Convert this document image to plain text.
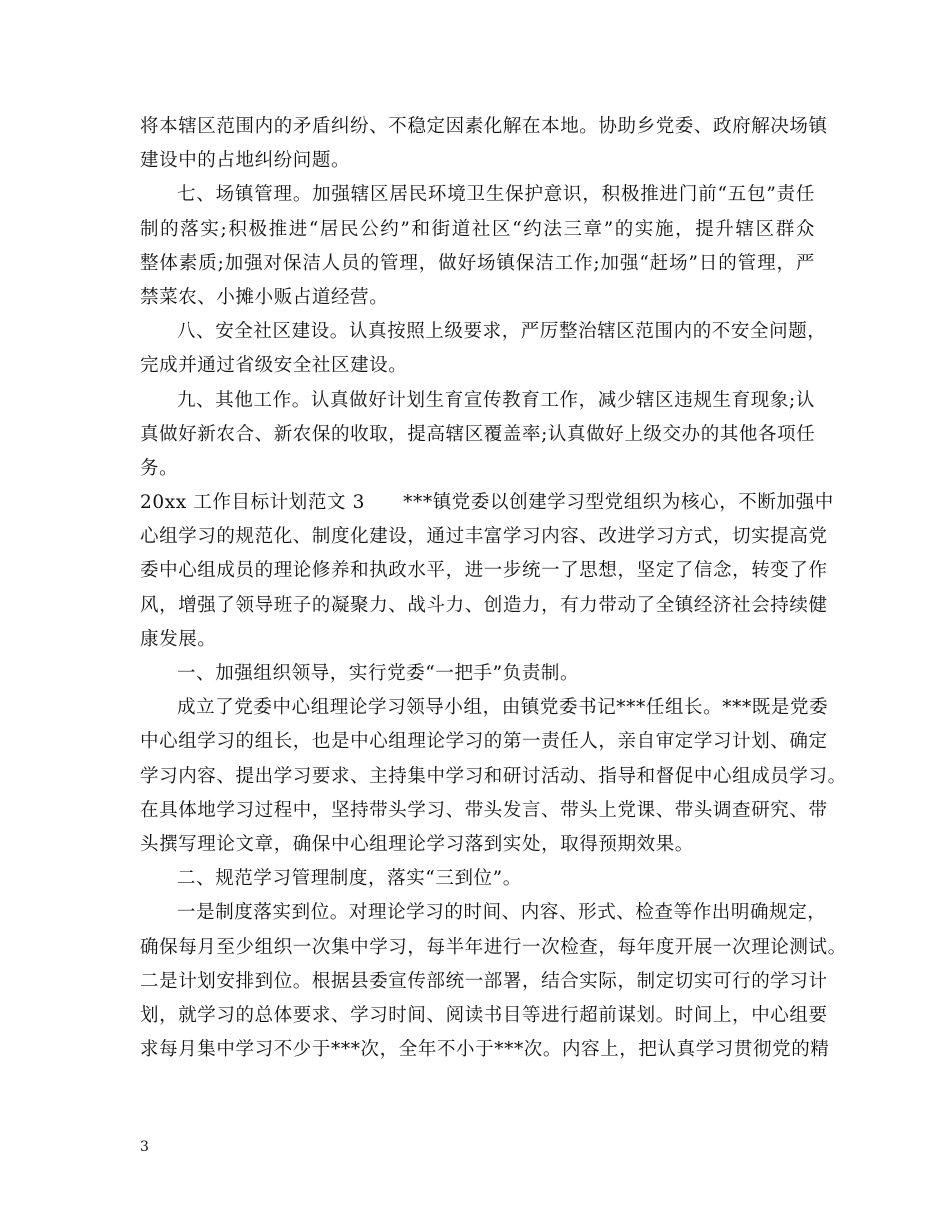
将本辖区范围内的矛盾纠纷、不稳定因素化解在本地。协助乡党委、政府解决场镇
建设中的占地纠纷问题。
七、场镇管理。加强辖区居民环境卫生保护意识，积极推进门前“五包”责任
制的落实;积极推进“居民公约”和街道社区“约法三章”的实施，提升辖区群众
整体素质;加强对保洁人员的管理，做好场镇保洁工作;加强“赶场”日的管理，严
禁菜农、小摊小贩占道经营。
八、安全社区建设。认真按照上级要求，严厉整治辖区范围内的不安全问题，
完成并通过省级安全社区建设。
九、其他工作。认真做好计划生育宣传教育工作，减少辖区违规生育现象;认
真做好新农合、新农保的收取，提高辖区覆盖率;认真做好上级交办的其他各项任
务。
20xx 工作目标计划范文 3　　***镇党委以创建学习型党组织为核心，不断加强中
心组学习的规范化、制度化建设，通过丰富学习内容、改进学习方式，切实提高党
委中心组成员的理论修养和执政水平，进一步统一了思想，坚定了信念，转变了作
风，增强了领导班子的凝聚力、战斗力、创造力，有力带动了全镇经济社会持续健
康发展。
一、加强组织领导，实行党委“一把手”负责制。
成立了党委中心组理论学习领导小组，由镇党委书记***任组长。***既是党委
中心组学习的组长，也是中心组理论学习的第一责任人，亲自审定学习计划、确定
学习内容、提出学习要求、主持集中学习和研讨活动、指导和督促中心组成员学习。
在具体地学习过程中，坚持带头学习、带头发言、带头上党课、带头调查研究、带
头撰写理论文章，确保中心组理论学习落到实处，取得预期效果。
二、规范学习管理制度，落实“三到位”。
一是制度落实到位。对理论学习的时间、内容、形式、检查等作出明确规定，
确保每月至少组织一次集中学习，每半年进行一次检查，每年度开展一次理论测试。
二是计划安排到位。根据县委宣传部统一部署，结合实际，制定切实可行的学习计
划，就学习的总体要求、学习时间、阅读书目等进行超前谋划。时间上，中心组要
求每月集中学习不少于***次，全年不小于***次。内容上，把认真学习贯彻党的精
3
